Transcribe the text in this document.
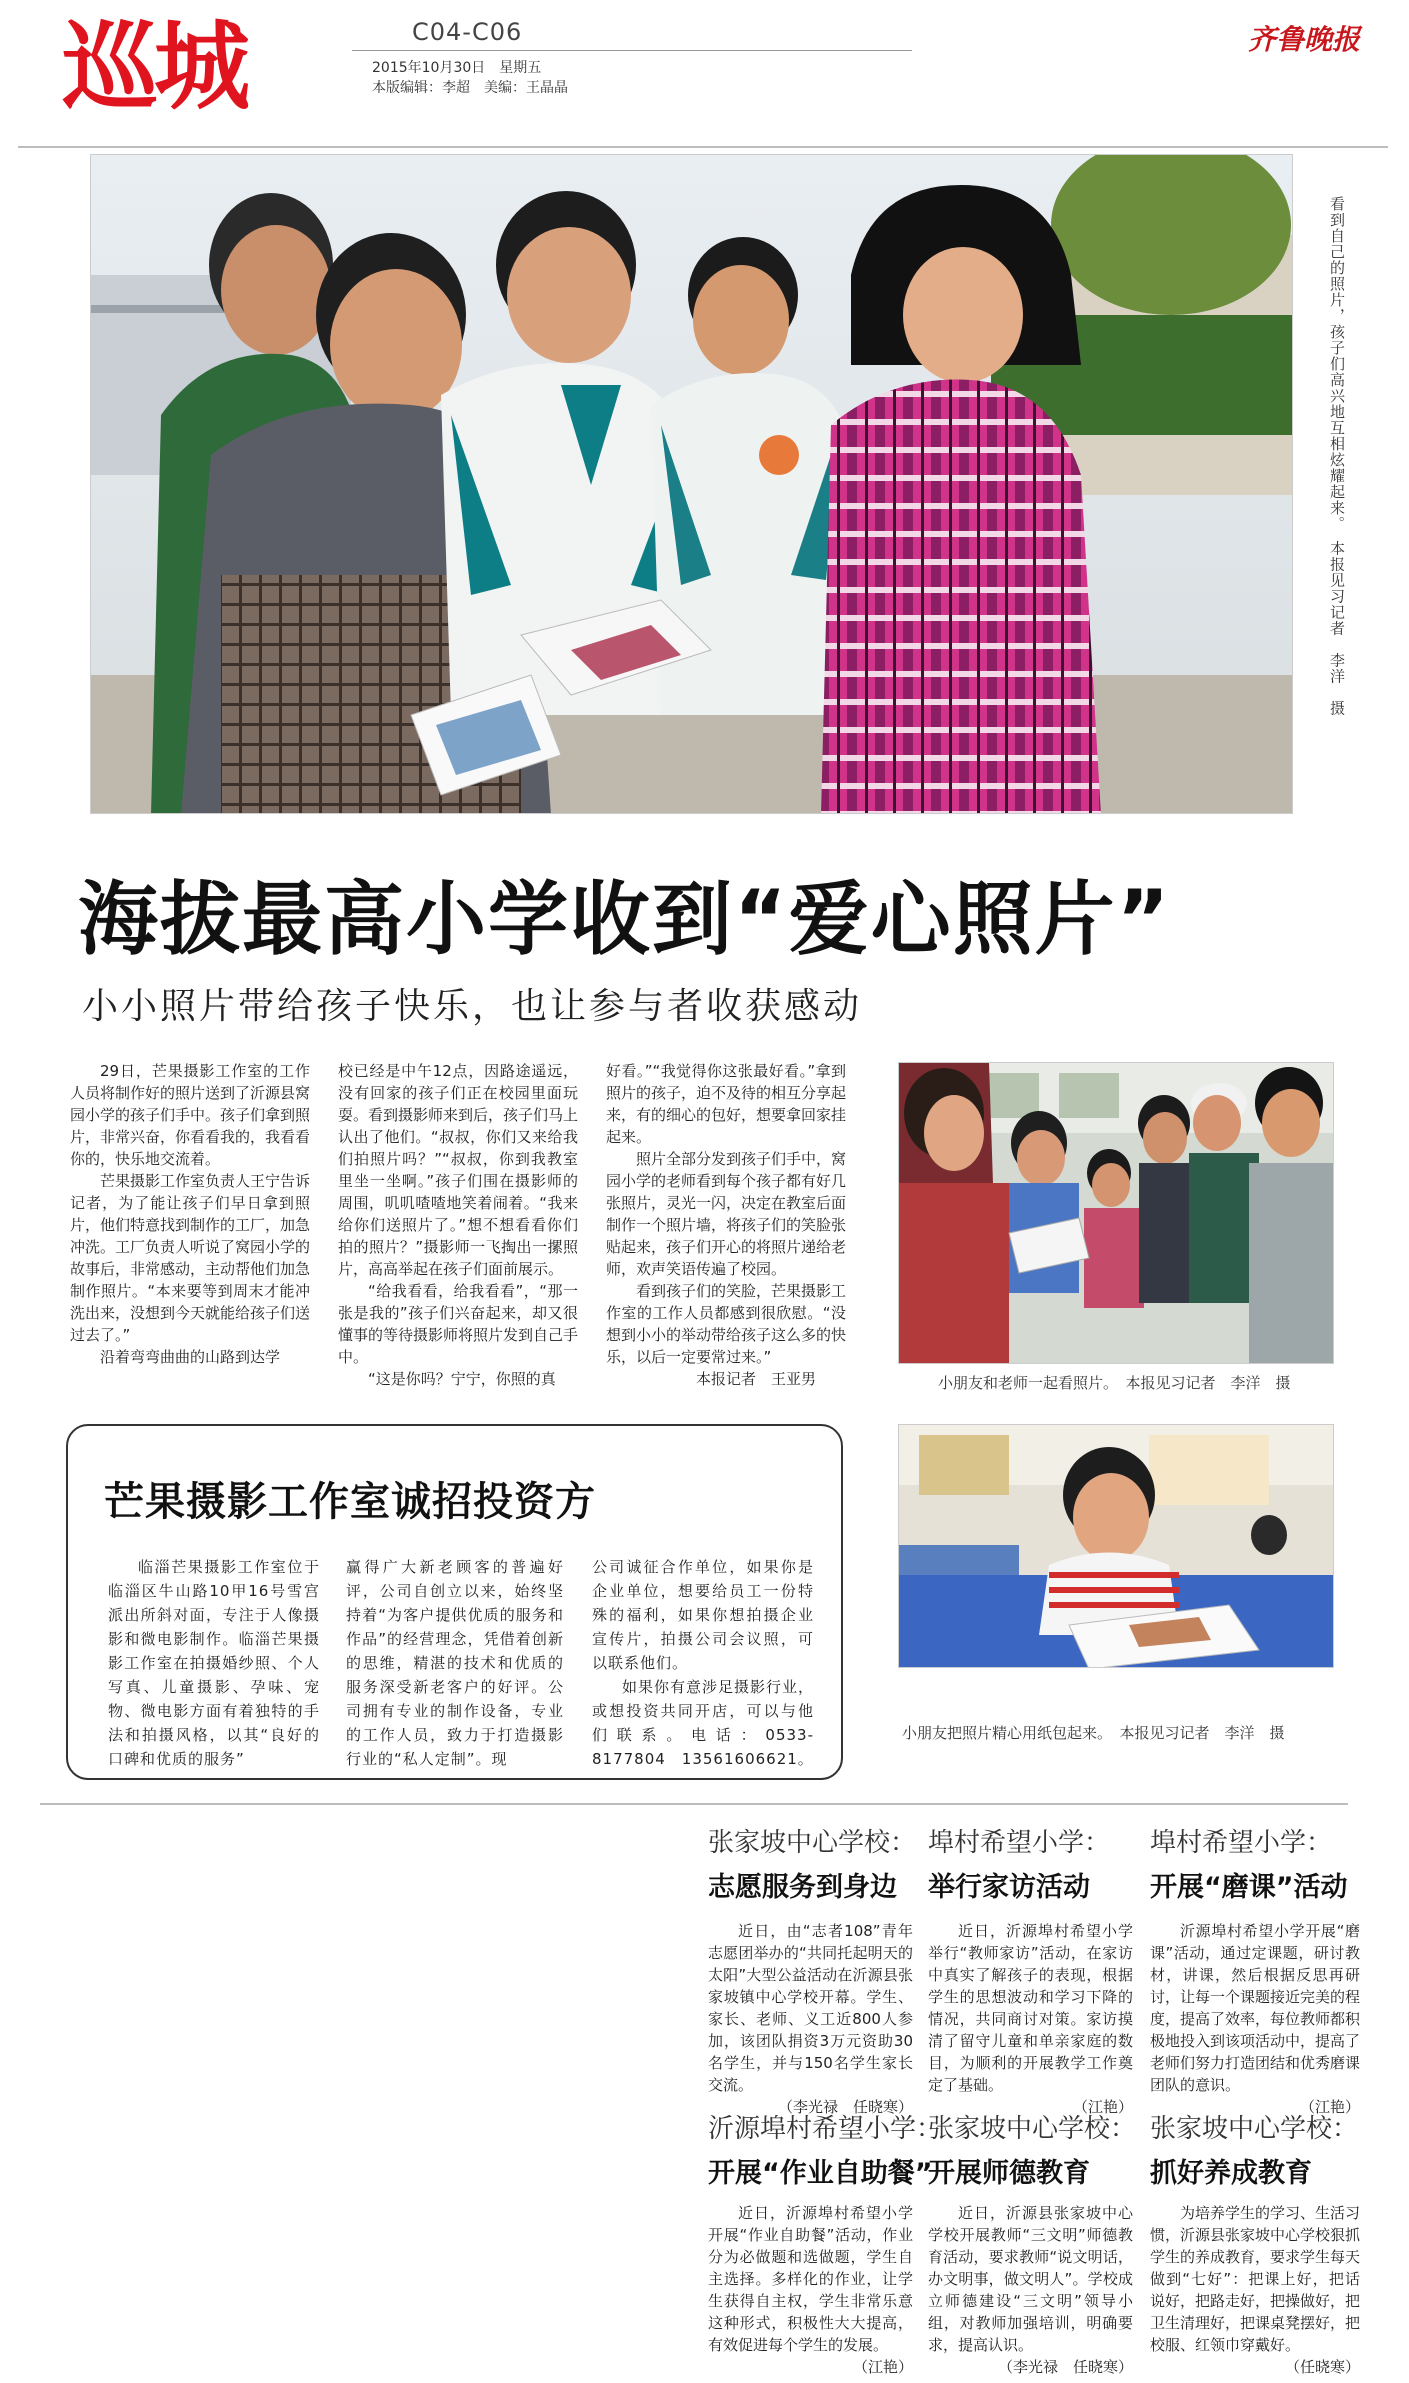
巡城	C04-C06
2015年10月30日　星期五
本版编辑：李超　美编：王晶晶
齐鲁晚报
看到自己的照片，孩子们高兴地互相炫耀起来。　本报见习记者　李洋　摄
海拔最高小学收到“爱心照片”
小小照片带给孩子快乐，也让参与者收获感动

29日，芒果摄影工作室的工作人员将制作好的照片送到了沂源县窝园小学的孩子们手中。孩子们拿到照片，非常兴奋，你看看我的，我看看你的，快乐地交流着。

芒果摄影工作室负责人王宁告诉记者，为了能让孩子们早日拿到照片，他们特意找到制作的工厂，加急冲洗。工厂负责人听说了窝园小学的故事后，非常感动，主动帮他们加急制作照片。“本来要等到周末才能冲洗出来，没想到今天就能给孩子们送过去了。”

沿着弯弯曲曲的山路到达学

校已经是中午12点，因路途遥远，没有回家的孩子们正在校园里面玩耍。看到摄影师来到后，孩子们马上认出了他们。“叔叔，你们又来给我们拍照片吗？”“叔叔，你到我教室里坐一坐啊。”孩子们围在摄影师的周围，叽叽喳喳地笑着闹着。“我来给你们送照片了。”想不想看看你们拍的照片？”摄影师一飞掏出一摞照片，高高举起在孩子们面前展示。

“给我看看，给我看看”，“那一张是我的”孩子们兴奋起来，却又很懂事的等待摄影师将照片发到自己手中。

“这是你吗？宁宁，你照的真

好看。”“我觉得你这张最好看。”拿到照片的孩子，迫不及待的相互分享起来，有的细心的包好，想要拿回家挂起来。

照片全部分发到孩子们手中，窝园小学的老师看到每个孩子都有好几张照片，灵光一闪，决定在教室后面制作一个照片墙，将孩子们的笑脸张贴起来，孩子们开心的将照片递给老师，欢声笑语传遍了校园。

看到孩子们的笑脸，芒果摄影工作室的工作人员都感到很欣慰。“没想到小小的举动带给孩子这么多的快乐，以后一定要常过来。”

本报记者　王亚男	小朋友和老师一起看照片。　本报见习记者　李洋　摄
小朋友把照片精心用纸包起来。　本报见习记者　李洋　摄
芒果摄影工作室诚招投资方

临淄芒果摄影工作室位于临淄区牛山路10甲16号雪宫派出所斜对面，专注于人像摄影和微电影制作。临淄芒果摄影工作室在拍摄婚纱照、个人写真、儿童摄影、孕味、宠物、微电影方面有着独特的手法和拍摄风格，以其“良好的口碑和优质的服务”

赢得广大新老顾客的普遍好评，公司自创立以来，始终坚持着“为客户提供优质的服务和作品”的经营理念，凭借着创新的思维，精湛的技术和优质的服务深受新老客户的好评。公司拥有专业的制作设备，专业的工作人员，致力于打造摄影行业的“私人定制”。现

公司诚征合作单位，如果你是企业单位，想要给员工一份特殊的福利，如果你想拍摄企业宣传片，拍摄公司会议照，可以联系他们。

如果你有意涉足摄影行业，或想投资共同开店，可以与他们联系。电话：0533-8177804　13561606621。

张家坡中心学校：
志愿服务到身边

近日，由“志者108”青年志愿团举办的“共同托起明天的太阳”大型公益活动在沂源县张家坡镇中心学校开幕。学生、家长、老师、义工近800人参加，该团队捐资3万元资助30名学生，并与150名学生家长交流。

（李光禄　任晓寒）

埠村希望小学：
举行家访活动

近日，沂源埠村希望小学举行“教师家访”活动，在家访中真实了解孩子的表现，根据学生的思想波动和学习下降的情况，共同商讨对策。家访摸清了留守儿童和单亲家庭的数目，为顺利的开展教学工作奠定了基础。

（江艳）

埠村希望小学：
开展“磨课”活动

沂源埠村希望小学开展“磨课”活动，通过定课题，研讨教材，讲课，然后根据反思再研讨，让每一个课题接近完美的程度，提高了效率，每位教师都积极地投入到该项活动中，提高了老师们努力打造团结和优秀磨课团队的意识。

（江艳）

沂源埠村希望小学：
开展“作业自助餐”

近日，沂源埠村希望小学开展“作业自助餐”活动，作业分为必做题和选做题，学生自主选择。多样化的作业，让学生获得自主权，学生非常乐意这种形式，积极性大大提高，有效促进每个学生的发展。

（江艳）

张家坡中心学校：
开展师德教育

近日，沂源县张家坡中心学校开展教师“三文明”师德教育活动，要求教师“说文明话，办文明事，做文明人”。学校成立师德建设“三文明”领导小组，对教师加强培训，明确要求，提高认识。

（李光禄　任晓寒）

张家坡中心学校：
抓好养成教育

为培养学生的学习、生活习惯，沂源县张家坡中心学校狠抓学生的养成教育，要求学生每天做到“七好”：把课上好，把话说好，把路走好，把操做好，把卫生清理好，把课桌凳摆好，把校服、红领巾穿戴好。

（任晓寒）
